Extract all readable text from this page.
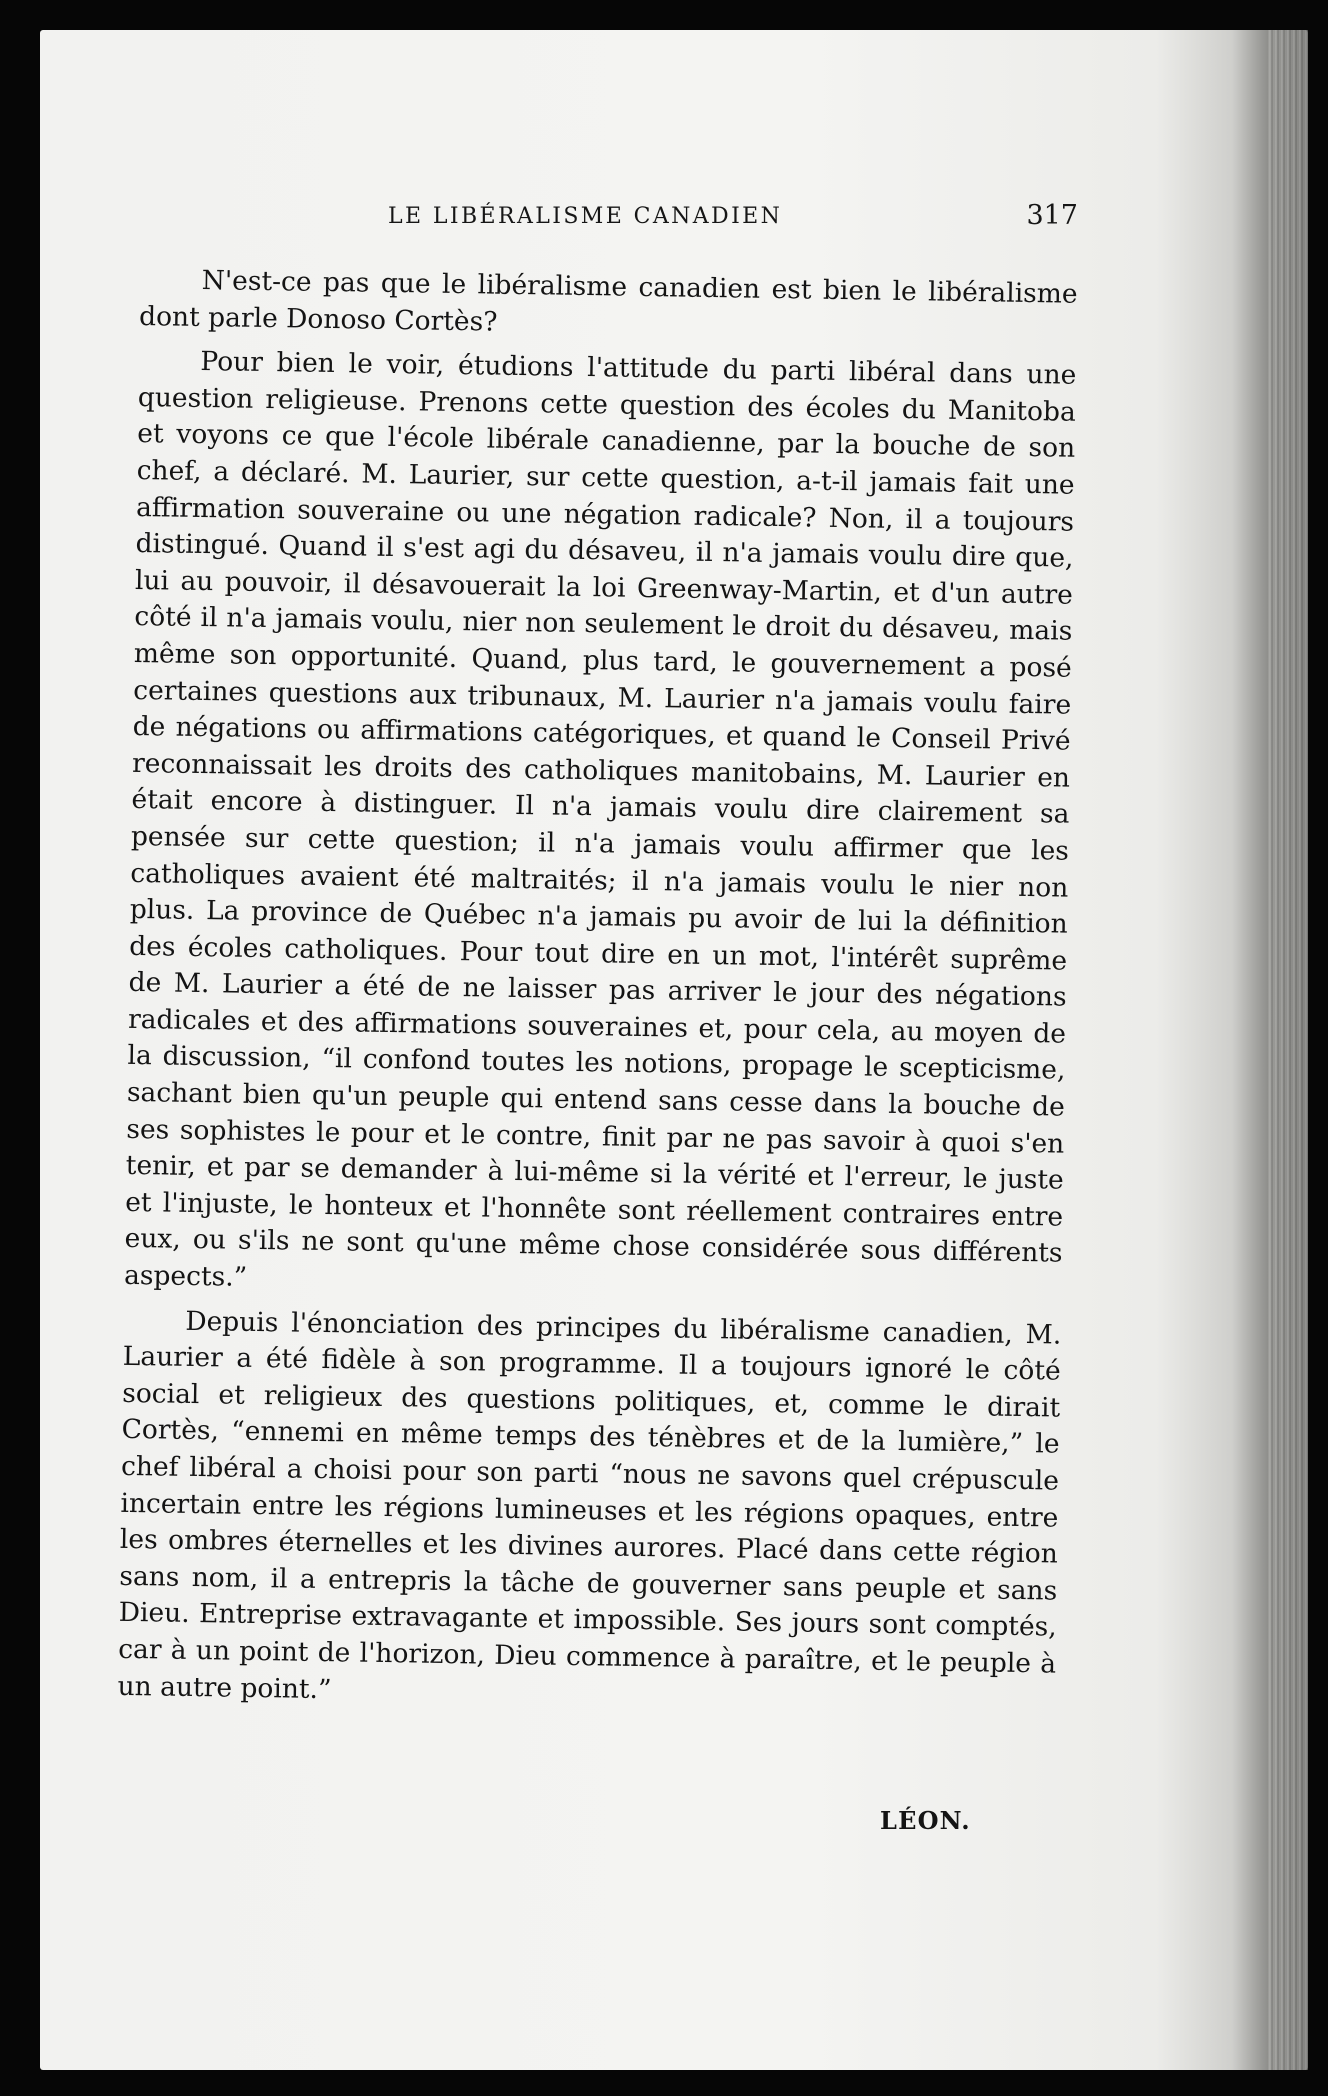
LE LIBÉRALISME CANADIEN	317

N'est-ce pas que le libéralisme canadien est bien le libéralisme dont parle Donoso Cortès?

Pour bien le voir, étudions l'attitude du parti libéral dans une question religieuse. Prenons cette question des écoles du Manitoba et voyons ce que l'école libérale canadienne, par la bouche de son chef, a déclaré. M. Laurier, sur cette question, a-t-il jamais fait une affirmation souveraine ou une négation radicale? Non, il a toujours distingué. Quand il s'est agi du désaveu, il n'a jamais voulu dire que, lui au pouvoir, il désavouerait la loi Greenway-Martin, et d'un autre côté il n'a jamais voulu, nier non seulement le droit du désaveu, mais même son opportunité. Quand, plus tard, le gouvernement a posé certaines questions aux tribunaux, M. Laurier n'a jamais voulu faire de négations ou affirmations catégoriques, et quand le Conseil Privé reconnaissait les droits des catholiques manitobains, M. Laurier en était encore à distinguer. Il n'a jamais voulu dire clairement sa pensée sur cette question; il n'a jamais voulu affirmer que les catholiques avaient été maltraités; il n'a jamais voulu le nier non plus. La province de Québec n'a jamais pu avoir de lui la définition des écoles catholiques. Pour tout dire en un mot, l'intérêt suprême de M. Laurier a été de ne laisser pas arriver le jour des négations radicales et des affirmations souveraines et, pour cela, au moyen de la discussion, “il confond toutes les notions, propage le scepticisme, sachant bien qu'un peuple qui entend sans cesse dans la bouche de ses sophistes le pour et le contre, finit par ne pas savoir à quoi s'en tenir, et par se demander à lui-même si la vérité et l'erreur, le juste et l'injuste, le honteux et l'honnête sont réellement contraires entre eux, ou s'ils ne sont qu'une même chose considérée sous différents aspects.”

Depuis l'énonciation des principes du libéralisme canadien, M. Laurier a été fidèle à son programme. Il a toujours ignoré le côté social et religieux des questions politiques, et, comme le dirait Cortès, “ennemi en même temps des ténèbres et de la lumière,” le chef libéral a choisi pour son parti “nous ne savons quel crépuscule incertain entre les régions lumineuses et les régions opaques, entre les ombres éternelles et les divines aurores. Placé dans cette région sans nom, il a entrepris la tâche de gouverner sans peuple et sans Dieu. Entreprise extravagante et impossible. Ses jours sont comptés, car à un point de l'horizon, Dieu commence à paraître, et le peuple à un autre point.”

LÉON.
